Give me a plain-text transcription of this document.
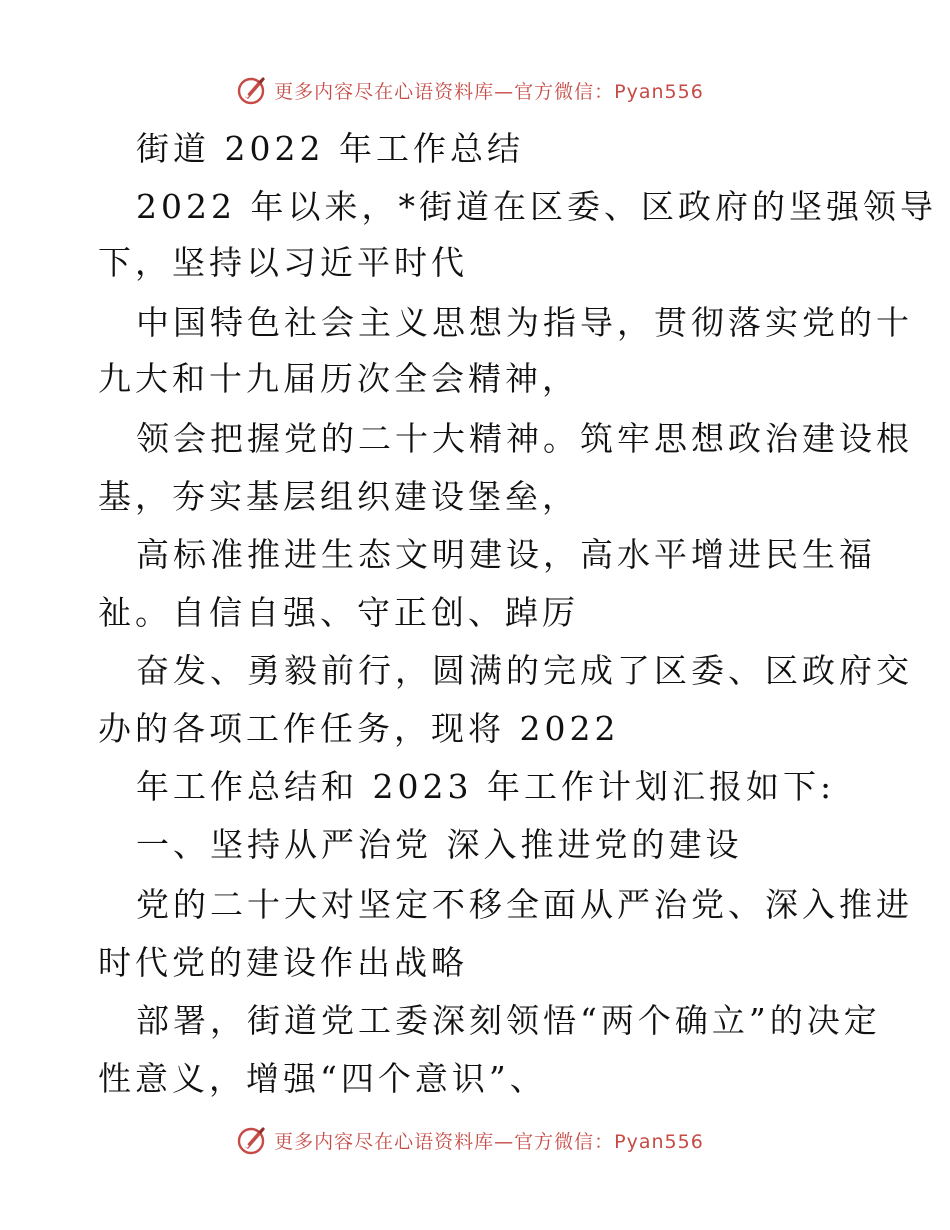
更多内容尽在心语资料库—官方微信：Pyan556
街道 2022 年工作总结
2022 年以来，*街道在区委、区政府的坚强领导
下，坚持以习近平时代
中国特色社会主义思想为指导，贯彻落实党的十
九大和十九届历次全会精神，
领会把握党的二十大精神。筑牢思想政治建设根
基，夯实基层组织建设堡垒，
高标准推进生态文明建设，高水平增进民生福
祉。自信自强、守正创、踔厉
奋发、勇毅前行，圆满的完成了区委、区政府交
办的各项工作任务，现将 2022
年工作总结和 2023 年工作计划汇报如下:
一、坚持从严治党 深入推进党的建设
党的二十大对坚定不移全面从严治党、深入推进
时代党的建设作出战略
部署，街道党工委深刻领悟“两个确立”的决定
性意义，增强“四个意识”、
更多内容尽在心语资料库—官方微信：Pyan556
